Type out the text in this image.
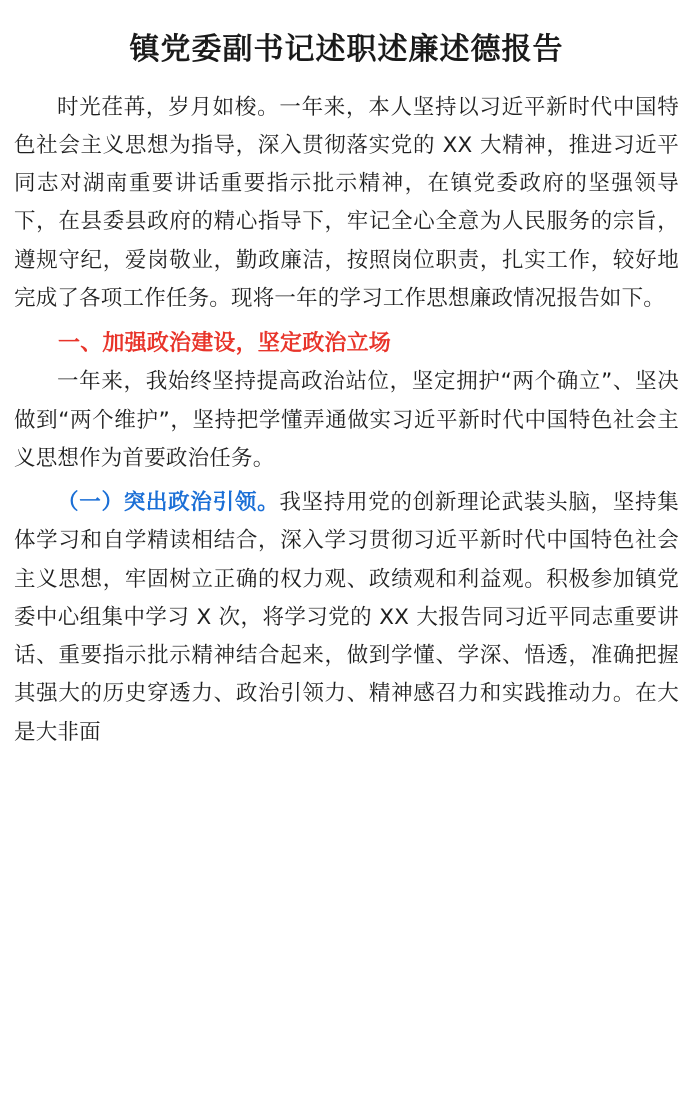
镇党委副书记述职述廉述德报告

时光荏苒，岁月如梭。一年来，本人坚持以习近平新时代中国特色社会主义思想为指导，深入贯彻落实党的 XX 大精神，推进习近平同志对湖南重要讲话重要指示批示精神，在镇党委政府的坚强领导下，在县委县政府的精心指导下，牢记全心全意为人民服务的宗旨，遵规守纪，爱岗敬业，勤政廉洁，按照岗位职责，扎实工作，较好地完成了各项工作任务。现将一年的学习工作思想廉政情况报告如下。

一、加强政治建设，坚定政治立场

一年来，我始终坚持提高政治站位，坚定拥护“两个确立”、坚决做到“两个维护”，坚持把学懂弄通做实习近平新时代中国特色社会主义思想作为首要政治任务。

（一）突出政治引领。我坚持用党的创新理论武装头脑，坚持集体学习和自学精读相结合，深入学习贯彻习近平新时代中国特色社会主义思想，牢固树立正确的权力观、政绩观和利益观。积极参加镇党委中心组集中学习 X 次，将学习党的 XX 大报告同习近平同志重要讲话、重要指示批示精神结合起来，做到学懂、学深、悟透，准确把握其强大的历史穿透力、政治引领力、精神感召力和实践推动力。在大是大非面
